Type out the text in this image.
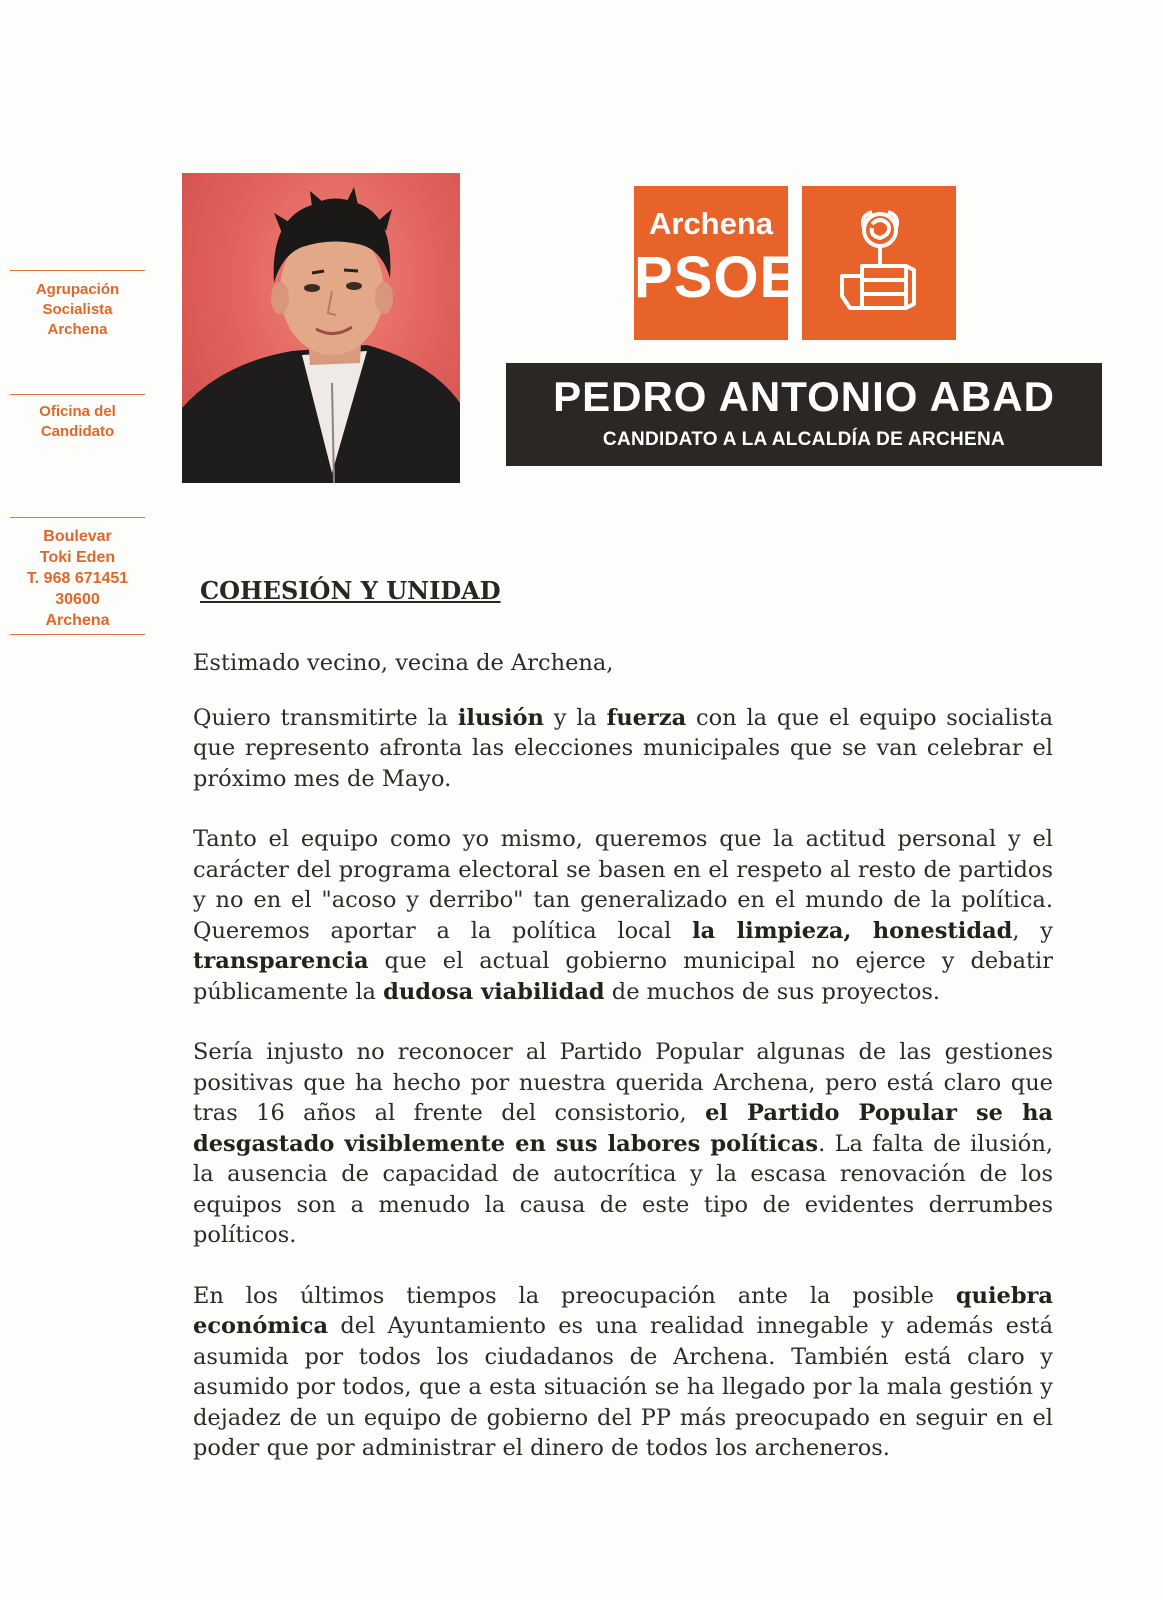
Agrupación
Socialista
Archena
Oficina del
Candidato
Boulevar
Toki Eden
T. 968 671451
30600
Archena
Archena
PSOE
PEDRO ANTONIO ABAD
CANDIDATO A LA ALCALDÍA DE ARCHENA
COHESIÓN Y UNIDAD

Estimado vecino, vecina de Archena,

Quiero transmitirte la ilusión y la fuerza con la que el equipo socialista que represento afronta las elecciones municipales que se van celebrar el próximo mes de Mayo.

Tanto el equipo como yo mismo, queremos que la actitud personal y el carácter del programa electoral se basen en el respeto al resto de partidos y no en el "acoso y derribo" tan generalizado en el mundo de la política. Queremos aportar a la política local la limpieza, honestidad, y transparencia que el actual gobierno municipal no ejerce y debatir públicamente la dudosa viabilidad de muchos de sus proyectos.

Sería injusto no reconocer al Partido Popular algunas de las gestiones positivas que ha hecho por nuestra querida Archena, pero está claro que tras 16 años al frente del consistorio, el Partido Popular se ha desgastado visiblemente en sus labores políticas. La falta de ilusión, la ausencia de capacidad de autocrítica y la escasa renovación de los equipos son a menudo la causa de este tipo de evidentes derrumbes políticos.

En los últimos tiempos la preocupación ante la posible quiebra económica del Ayuntamiento es una realidad innegable y además está asumida por todos los ciudadanos de Archena. También está claro y asumido por todos, que a esta situación se ha llegado por la mala gestión y dejadez de un equipo de gobierno del PP más preocupado en seguir en el poder que por administrar el dinero de todos los archeneros.
